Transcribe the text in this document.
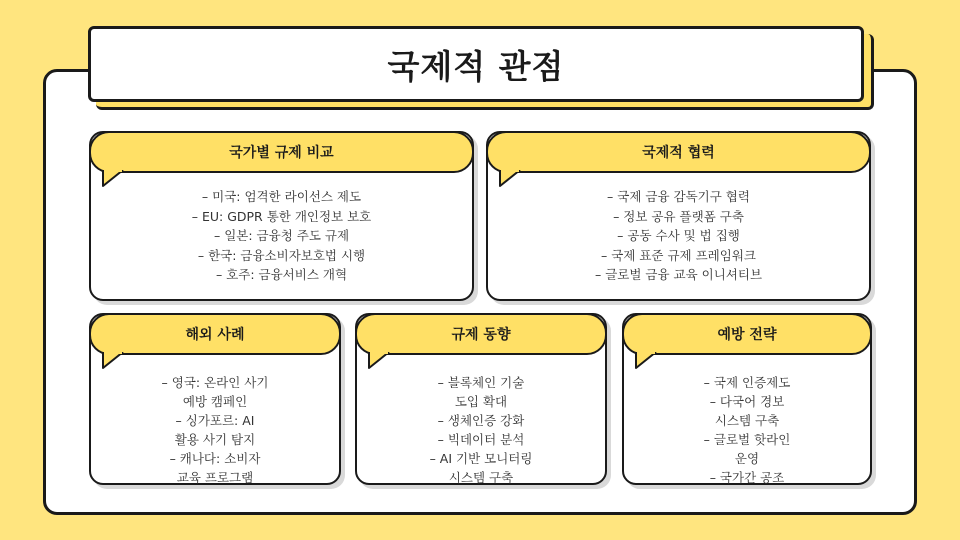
국제적 관점
국가별 규제 비교
– 미국: 엄격한 라이선스 제도
– EU: GDPR 통한 개인정보 보호
– 일본: 금융청 주도 규제
– 한국: 금융소비자보호법 시행
– 호주: 금융서비스 개혁
국제적 협력
– 국제 금융 감독기구 협력
– 정보 공유 플랫폼 구축
– 공동 수사 및 법 집행
– 국제 표준 규제 프레임워크
– 글로벌 금융 교육 이니셔티브
해외 사례
– 영국: 온라인 사기
예방 캠페인
– 싱가포르: AI
활용 사기 탐지
– 캐나다: 소비자
교육 프로그램
규제 동향
– 블록체인 기술
도입 확대
– 생체인증 강화
– 빅데이터 분석
– AI 기반 모니터링
시스템 구축
예방 전략
– 국제 인증제도
– 다국어 경보
시스템 구축
– 글로벌 핫라인
운영
– 국가간 공조
